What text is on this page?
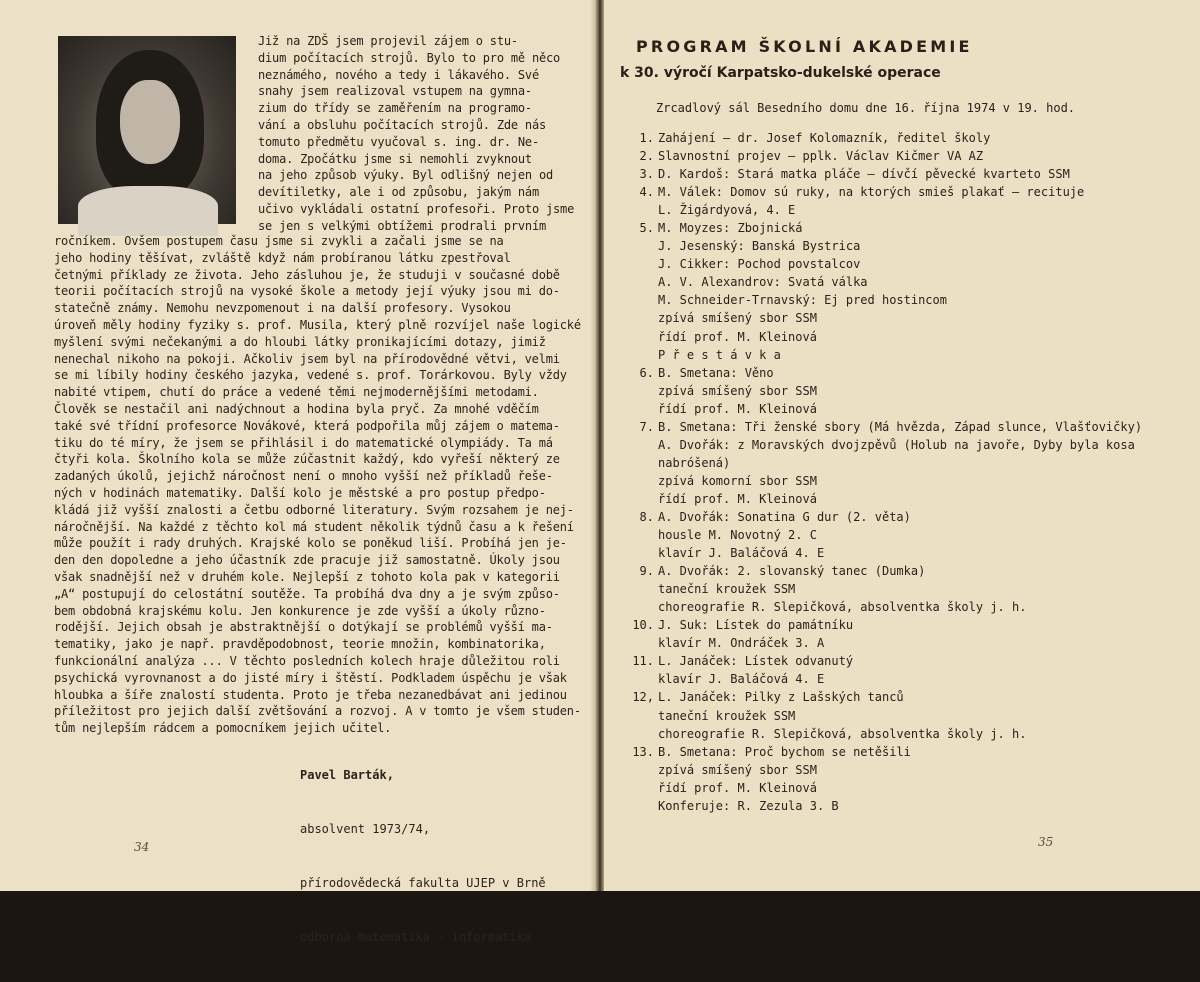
Již na ZDŠ jsem projevil zájem o stu-
dium počítacích strojů. Bylo to pro mě něco
neznámého, nového a tedy i lákavého. Své
snahy jsem realizoval vstupem na gymna-
zium do třídy se zaměřením na programo-
vání a obsluhu počítacích strojů. Zde nás
tomuto předmětu vyučoval s. ing. dr. Ne-
doma. Zpočátku jsme si nemohli zvyknout
na jeho způsob výuky. Byl odlišný nejen od
devítiletky, ale i od způsobu, jakým nám
učivo vykládali ostatní profesoři. Proto jsme
se jen s velkými obtížemi prodrali prvním

ročníkem. Ovšem postupem času jsme si zvykli a začali jsme se na
jeho hodiny těšívat, zvláště když nám probíranou látku zpestřoval
četnými příklady ze života. Jeho zásluhou je, že studuji v současné době
teorii počítacích strojů na vysoké škole a metody její výuky jsou mi do-
statečně známy. Nemohu nevzpomenout i na další profesory. Vysokou
úroveň měly hodiny fyziky s. prof. Musila, který plně rozvíjel naše logické
myšlení svými nečekanými a do hloubi látky pronikajícími dotazy, jimiž
nenechal nikoho na pokoji. Ačkoliv jsem byl na přírodovědné větvi, velmi
se mi líbily hodiny českého jazyka, vedené s. prof. Torárkovou. Byly vždy
nabité vtipem, chutí do práce a vedené těmi nejmodernějšími metodami.
Člověk se nestačil ani nadýchnout a hodina byla pryč. Za mnohé vděčím
také své třídní profesorce Novákové, která podpořila můj zájem o matema-
tiku do té míry, že jsem se přihlásil i do matematické olympiády. Ta má
čtyři kola. Školního kola se může zúčastnit každý, kdo vyřeší některý ze
zadaných úkolů, jejichž náročnost není o mnoho vyšší než příkladů řeše-
ných v hodinách matematiky. Další kolo je městské a pro postup předpo-
kládá již vyšší znalosti a četbu odborné literatury. Svým rozsahem je nej-
náročnější. Na každé z těchto kol má student několik týdnů času a k řešení
může použít i rady druhých. Krajské kolo se poněkud liší. Probíhá jen je-
den den dopoledne a jeho účastník zde pracuje již samostatně. Úkoly jsou
však snadnější než v druhém kole. Nejlepší z tohoto kola pak v kategorii
„A“ postupují do celostátní soutěže. Ta probíhá dva dny a je svým způso-
bem obdobná krajskému kolu. Jen konkurence je zde vyšší a úkoly různo-
rodější. Jejich obsah je abstraktnější o dotýkají se problémů vyšší ma-
tematiky, jako je např. pravděpodobnost, teorie množin, kombinatorika,
funkcionální analýza ... V těchto posledních kolech hraje důležitou roli
psychická vyrovnanost a do jisté míry i štěstí. Podkladem úspěchu je však
hloubka a šíře znalostí studenta. Proto je třeba nezanedbávat ani jedinou
příležitost pro jejich další zvětšování a rozvoj. A v tomto je všem studen-
tům nejlepším rádcem a pomocníkem jejich učitel.

Pavel Barták,

absolvent 1973/74,

přírodovědecká fakulta UJEP v Brně

odborná matematika - informatika

34
PROGRAM ŠKOLNÍ AKADEMIE
k 30. výročí Karpatsko-dukelské operace
Zrcadlový sál Besedního domu dne 16. října 1974 v 19. hod.
1. Zahájení — dr. Josef Kolomazník, ředitel školy
2. Slavnostní projev — pplk. Václav Kičmer VA AZ
3. D. Kardoš: Stará matka pláče — dívčí pěvecké kvarteto SSM
4. M. Válek: Domov sú ruky, na ktorých smieš plakať — recituje
L. Žigárdyová, 4. E
5. M. Moyzes: Zbojnická
J. Jesenský: Banská Bystrica
J. Cikker: Pochod povstalcov
A. V. Alexandrov: Svatá válka
M. Schneider-Trnavský: Ej pred hostincom
zpívá smíšený sbor SSM
řídí prof. M. Kleinová
P ř e s t á v k a
6. B. Smetana: Věno
zpívá smíšený sbor SSM
řídí prof. M. Kleinová
7. B. Smetana: Tři ženské sbory (Má hvězda, Západ slunce, Vlašťovičky)
A. Dvořák: z Moravských dvojzpěvů (Holub na javoře, Dyby byla kosa
nabróšená)
zpívá komorní sbor SSM
řídí prof. M. Kleinová
8. A. Dvořák: Sonatina G dur (2. věta)
housle M. Novotný 2. C
klavír J. Baláčová 4. E
9. A. Dvořák: 2. slovanský tanec (Dumka)
taneční kroužek SSM
choreografie R. Slepičková, absolventka školy j. h.
10. J. Suk: Lístek do památníku
klavír M. Ondráček 3. A
11. L. Janáček: Lístek odvanutý
klavír J. Baláčová 4. E
12, L. Janáček: Pilky z Lašských tanců
taneční kroužek SSM
choreografie R. Slepičková, absolventka školy j. h.
13. B. Smetana: Proč bychom se netěšili
zpívá smíšený sbor SSM
řídí prof. M. Kleinová
Konferuje: R. Zezula 3. B
35
